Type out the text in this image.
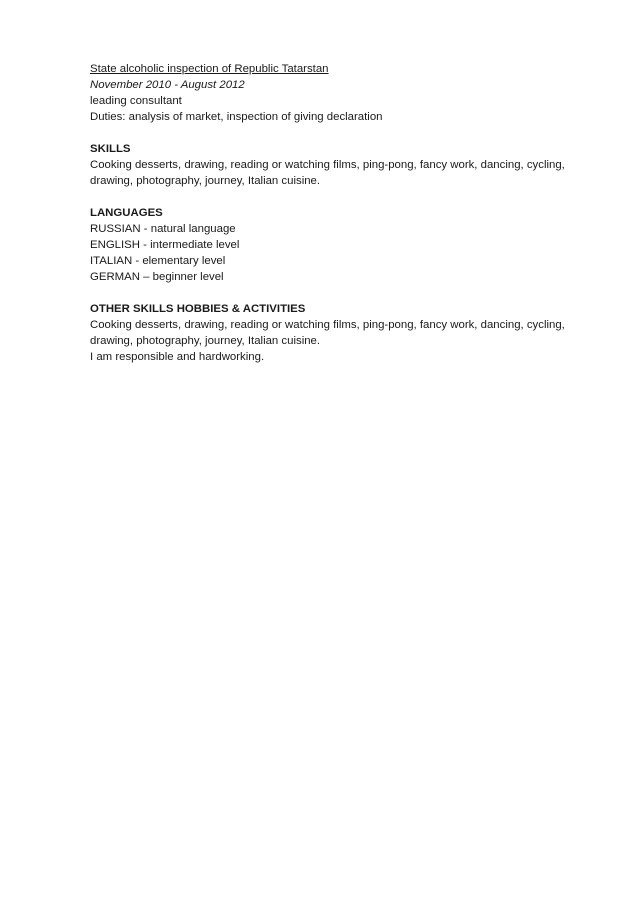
State alcoholic inspection of Republic Tatarstan

November 2010 - August 2012

leading consultant

Duties: analysis of market, inspection of giving declaration

SKILLS

Cooking desserts, drawing, reading or watching films, ping-pong, fancy work, dancing, cycling,

drawing, photography, journey, Italian cuisine.

LANGUAGES

RUSSIAN - natural language

ENGLISH - intermediate level

ITALIAN - elementary level

GERMAN – beginner level

OTHER SKILLS HOBBIES & ACTIVITIES

Cooking desserts, drawing, reading or watching films, ping-pong, fancy work, dancing, cycling,

drawing, photography, journey, Italian cuisine.

I am responsible and hardworking.
